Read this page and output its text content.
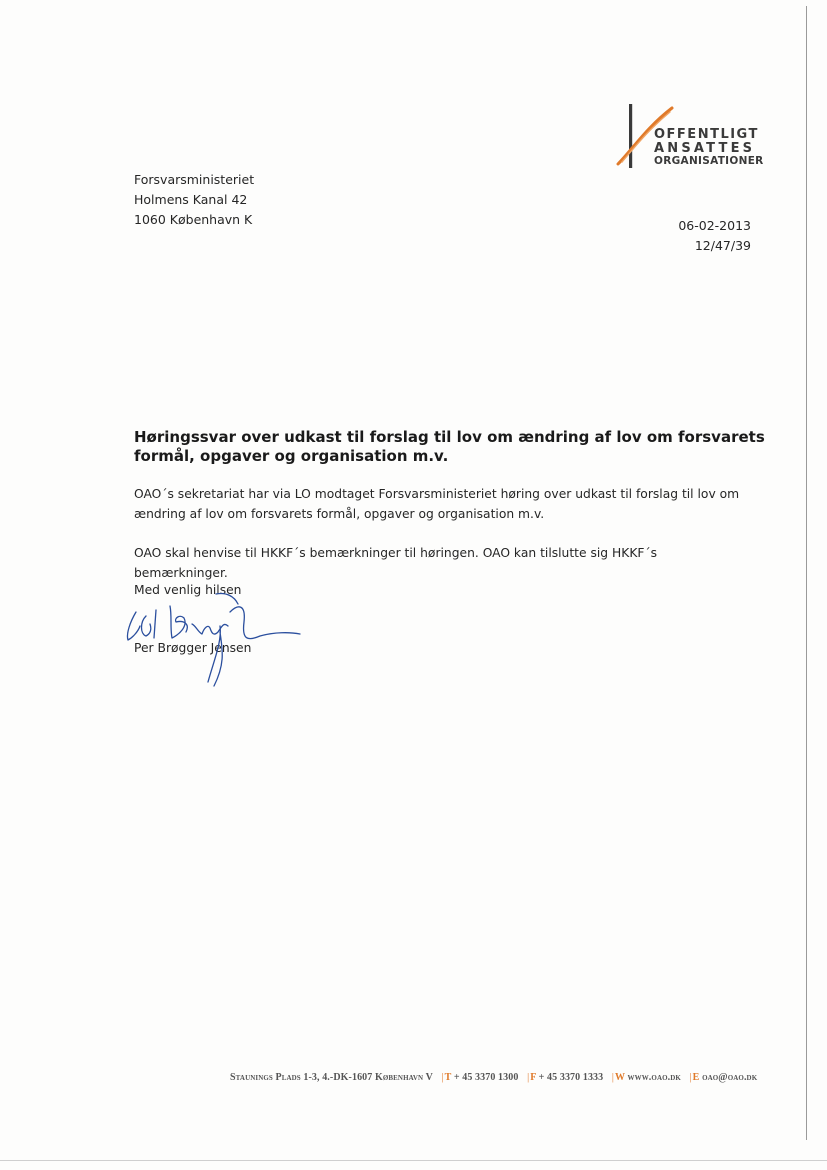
OFFENTLIGT
ANSATTES
ORGANISATIONER
Forsvarsministeriet
Holmens Kanal 42
1060 København K	06-02-2013
12/47/39
Høringssvar over udkast til forslag til lov om ændring af lov om forsvarets formål, opgaver og organisation m.v.
OAO´s sekretariat har via LO modtaget Forsvarsministeriet høring over udkast til forslag til lov om ændring af lov om forsvarets formål, opgaver og organisation m.v.
OAO skal henvise til HKKF´s bemærkninger til høringen. OAO kan tilslutte sig HKKF´s bemærkninger.
Med venlig hilsen
Per Brøgger Jensen
Staunings Plads 1-3, 4.-DK-1607 København V |T + 45 3370 1300 |F + 45 3370 1333 |W www.oao.dk |E oao@oao.dk
